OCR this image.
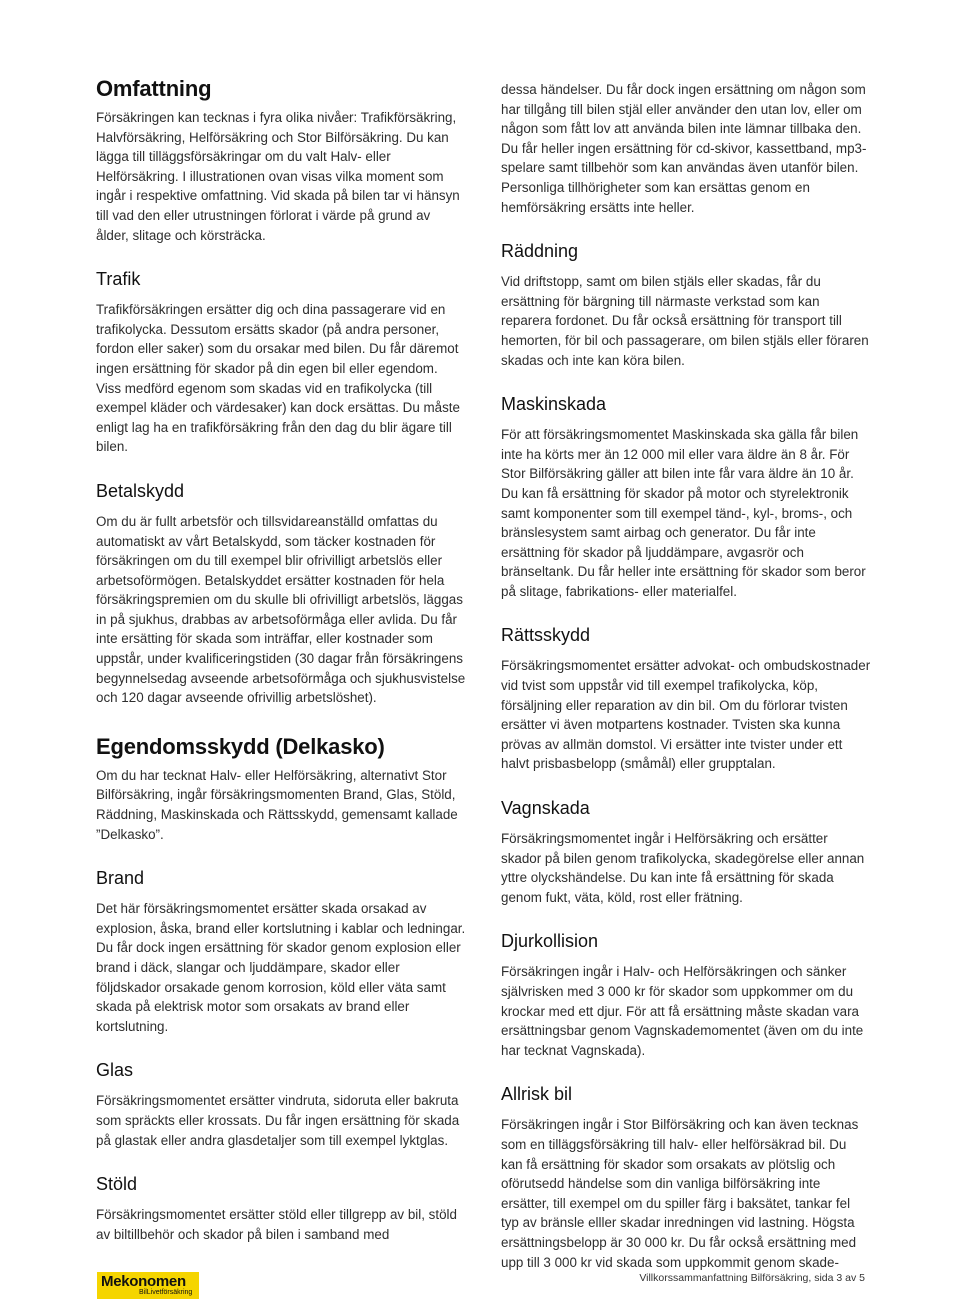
Omfattning

Försäkringen kan tecknas i fyra olika nivåer: Trafikförsäkring, Halvförsäkring, Helförsäkring och Stor Bilförsäkring. Du kan lägga till tilläggsförsäkringar om du valt Halv- eller Helförsäkring. I illustrationen ovan visas vilka moment som ingår i respektive omfattning. Vid skada på bilen tar vi hänsyn till vad den eller utrustningen förlorat i värde på grund av ålder, slitage och körsträcka.

Trafik

Trafikförsäkringen ersätter dig och dina passagerare vid en trafikolycka. Dessutom ersätts skador (på andra personer, fordon eller saker) som du orsakar med bilen. Du får däremot ingen ersättning för skador på din egen bil eller egendom. Viss medförd egenom som skadas vid en trafikolycka (till exempel kläder och värdesaker) kan dock ersättas. Du måste enligt lag ha en trafikförsäkring från den dag du blir ägare till bilen.

Betalskydd

Om du är fullt arbetsför och tillsvidareanställd omfattas du automatiskt av vårt Betalskydd, som täcker kostnaden för försäkringen om du till exempel blir ofrivilligt arbetslös eller arbetsoförmögen. Betalskyddet ersätter kostnaden för hela försäkringspremien om du skulle bli ofrivilligt arbetslös, läggas in på sjukhus, drabbas av arbetsoförmåga eller avlida. Du får inte ersätting för skada som inträffar, eller kostnader som uppstår, under kvalificeringstiden (30 dagar från försäkringens begynnelsedag avseende arbetsoförmåga och sjukhusvistelse och 120 dagar avseende ofrivillig arbetslöshet).

Egendomsskydd (Delkasko)

Om du har tecknat Halv- eller Helförsäkring, alternativt Stor Bilförsäkring, ingår försäkringsmomenten Brand, Glas, Stöld, Räddning, Maskinskada och Rättsskydd, gemensamt kallade ”Delkasko”.

Brand

Det här försäkringsmomentet ersätter skada orsakad av explosion, åska, brand eller kortslutning i kablar och ledningar. Du får dock ingen ersättning för skador genom explosion eller brand i däck, slangar och ljuddämpare, skador eller följdskador orsakade genom korrosion, köld eller väta samt skada på elektrisk motor som orsakats av brand eller kortslutning.

Glas

Försäkringsmomentet ersätter vindruta, sidoruta eller bakruta som spräckts eller krossats. Du får ingen ersättning för skada på glastak eller andra glasdetaljer som till exempel lyktglas.

Stöld

Försäkringsmomentet ersätter stöld eller tillgrepp av bil, stöld av biltillbehör och skador på bilen i samband med

dessa händelser. Du får dock ingen ersättning om någon som har tillgång till bilen stjäl eller använder den utan lov, eller om någon som fått lov att använda bilen inte lämnar tillbaka den. Du får heller ingen ersättning för cd-skivor, kassettband, mp3-spelare samt tillbehör som kan användas även utanför bilen. Personliga tillhörigheter som kan ersättas genom en hemförsäkring ersätts inte heller.

Räddning

Vid driftstopp, samt om bilen stjäls eller skadas, får du ersättning för bärgning till närmaste verkstad som kan reparera fordonet. Du får också ersättning för transport till hemorten, för bil och passagerare, om bilen stjäls eller föraren skadas och inte kan köra bilen.

Maskinskada

För att försäkringsmomentet Maskinskada ska gälla får bilen inte ha körts mer än 12 000 mil eller vara äldre än 8 år. För Stor Bilförsäkring gäller att bilen inte får vara äldre än 10 år. Du kan få ersättning för skador på motor och styrelektronik samt komponenter som till exempel tänd-, kyl-, broms-, och bränslesystem samt airbag och generator. Du får inte ersättning för skador på ljuddämpare, avgasrör och bränseltank. Du får heller inte ersättning för skador som beror på slitage, fabrikations- eller materialfel.

Rättsskydd

Försäkringsmomentet ersätter advokat- och ombudskostnader vid tvist som uppstår vid till exempel trafikolycka, köp, försäljning eller reparation av din bil. Om du förlorar tvisten ersätter vi även motpartens kostnader. Tvisten ska kunna prövas av allmän domstol. Vi ersätter inte tvister under ett halvt prisbasbelopp (småmål) eller grupptalan.

Vagnskada

Försäkringsmomentet ingår i Helförsäkring och ersätter skador på bilen genom trafikolycka, skadegörelse eller annan yttre olyckshändelse. Du kan inte få ersättning för skada genom fukt, väta, köld, rost eller frätning.

Djurkollision

Försäkringen ingår i Halv- och Helförsäkringen och sänker självrisken med 3 000 kr för skador som uppkommer om du krockar med ett djur. För att få ersättning måste skadan vara ersättningsbar genom Vagnskademomentet (även om du inte har tecknat Vagnskada).

Allrisk bil

Försäkringen ingår i Stor Bilförsäkring och kan även tecknas som en tilläggsförsäkring till halv- eller helförsäkrad bil. Du kan få ersättning för skador som orsakats av plötslig och oförutsedd händelse som din vanliga bilförsäkring inte ersätter, till exempel om du spiller färg i baksätet, tankar fel typ av bränsle elller skadar inredningen vid lastning. Högsta ersättningsbelopp är 30 000 kr. Du får också ersättning med upp till 3 000 kr vid skada som uppkommit genom skade-

Mekonomen
BilLivetförsäkring
Villkorssammanfattning Bilförsäkring, sida 3 av 5
